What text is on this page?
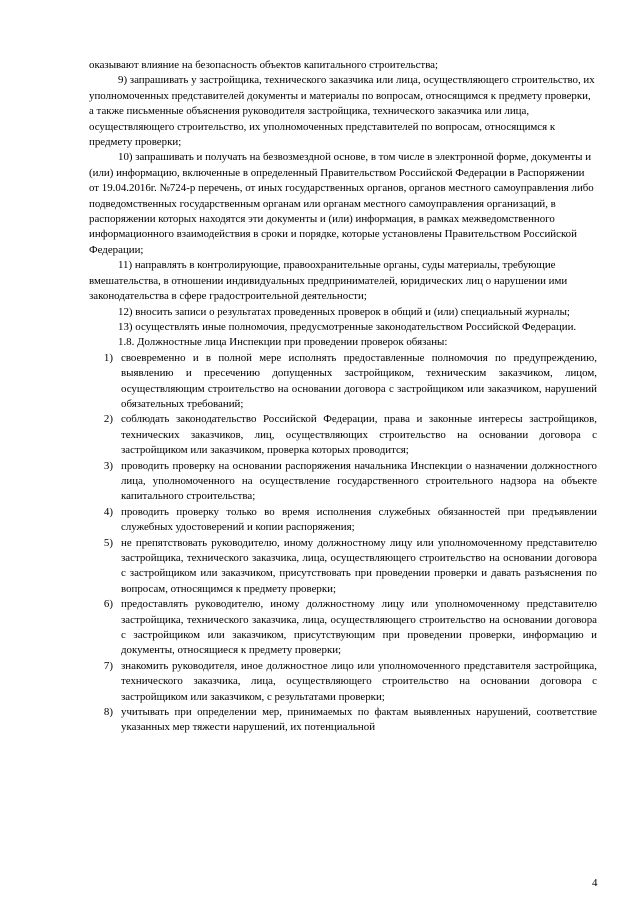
оказывают влияние на безопасность объектов капитального строительства;

9) запрашивать у застройщика, технического заказчика или лица, осуществляющего строительство, их уполномоченных представителей документы и материалы по вопросам, относящимся к предмету проверки, а также письменные объяснения руководителя застройщика, технического заказчика или лица, осуществляющего строительство, их уполномоченных представителей по вопросам, относящимся к предмету проверки;

10) запрашивать и получать на безвозмездной основе, в том числе в электронной форме, документы и (или) информацию, включенные в определенный Правительством Российской Федерации в Распоряжении от 19.04.2016г. №724-р перечень, от иных государственных органов, органов местного самоуправления либо подведомственных государственным органам или органам местного самоуправления организаций, в распоряжении которых находятся эти документы и (или) информация, в рамках межведомственного информационного взаимодействия в сроки и порядке, которые установлены Правительством Российской Федерации;

11) направлять в контролирующие, правоохранительные органы, суды материалы, требующие вмешательства, в отношении индивидуальных предпринимателей, юридических лиц о нарушении ими законодательства в сфере градостроительной деятельности;

12) вносить записи о результатах проведенных проверок в общий и (или) специальный журналы;

13) осуществлять иные полномочия, предусмотренные законодательством Российской Федерации.

1.8. Должностные лица Инспекции при проведении проверок обязаны:

1) своевременно и в полной мере исполнять предоставленные полномочия по предупреждению, выявлению и пресечению допущенных застройщиком, техническим заказчиком, лицом, осуществляющим строительство на основании договора с застройщиком или заказчиком, нарушений обязательных требований;
2) соблюдать законодательство Российской Федерации, права и законные интересы застройщиков, технических заказчиков, лиц, осуществляющих строительство на основании договора с застройщиком или заказчиком, проверка которых проводится;
3) проводить проверку на основании распоряжения начальника Инспекции о назначении должностного лица, уполномоченного на осуществление государственного строительного надзора на объекте капитального строительства;
4) проводить проверку только во время исполнения служебных обязанностей при предъявлении служебных удостоверений и копии распоряжения;
5) не препятствовать руководителю, иному должностному лицу или уполномоченному представителю застройщика, технического заказчика, лица, осуществляющего строительство на основании договора с застройщиком или заказчиком, присутствовать при проведении проверки и давать разъяснения по вопросам, относящимся к предмету проверки;
6) предоставлять руководителю, иному должностному лицу или уполномоченному представителю застройщика, технического заказчика, лица, осуществляющего строительство на основании договора с застройщиком или заказчиком, присутствующим при проведении проверки, информацию и документы, относящиеся к предмету проверки;
7) знакомить руководителя, иное должностное лицо или уполномоченного представителя застройщика, технического заказчика, лица, осуществляющего строительство на основании договора с застройщиком или заказчиком, с результатами проверки;
8) учитывать при определении мер, принимаемых по фактам выявленных нарушений, соответствие указанных мер тяжести нарушений, их потенциальной
4
